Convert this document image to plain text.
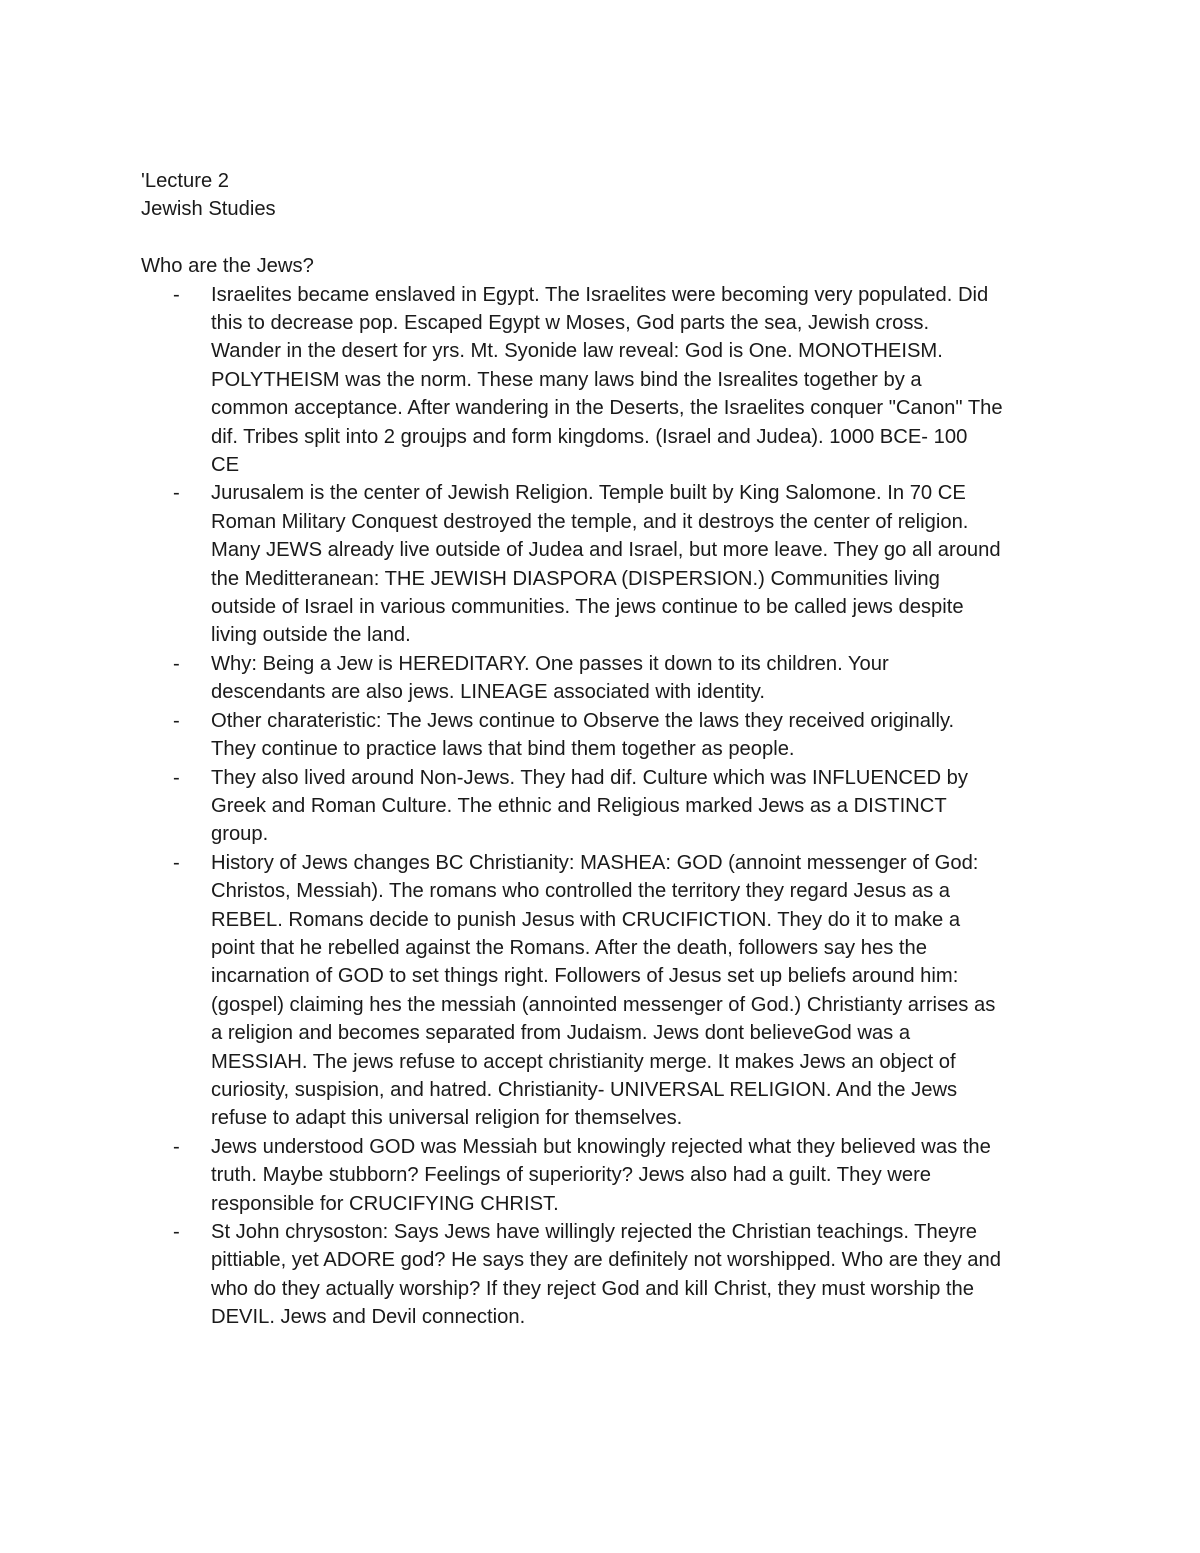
'Lecture 2

Jewish Studies

Who are the Jews?

- Israelites became enslaved in Egypt. The Israelites were becoming very populated. Did
this to decrease pop. Escaped Egypt w Moses, God parts the sea, Jewish cross.
Wander in the desert for yrs. Mt. Syonide law reveal: God is One. MONOTHEISM.
POLYTHEISM was the norm. These many laws bind the Isrealites together by a
common acceptance. After wandering in the Deserts, the Israelites conquer "Canon" The
dif. Tribes split into 2 groujps and form kingdoms. (Israel and Judea). 1000 BCE- 100
CE
- Jurusalem is the center of Jewish Religion. Temple built by King Salomone. In 70 CE
Roman Military Conquest destroyed the temple, and it destroys the center of religion.
Many JEWS already live outside of Judea and Israel, but more leave. They go all around
the Meditteranean: THE JEWISH DIASPORA (DISPERSION.) Communities living
outside of Israel in various communities. The jews continue to be called jews despite
living outside the land.
- Why: Being a Jew is HEREDITARY. One passes it down to its children. Your
descendants are also jews. LINEAGE associated with identity.
- Other charateristic: The Jews continue to Observe the laws they received originally.
They continue to practice laws that bind them together as people.
- They also lived around Non-Jews. They had dif. Culture which was INFLUENCED by
Greek and Roman Culture. The ethnic and Religious marked Jews as a DISTINCT
group.
- History of Jews changes BC Christianity: MASHEA: GOD (annoint messenger of God:
Christos, Messiah). The romans who controlled the territory they regard Jesus as a
REBEL. Romans decide to punish Jesus with CRUCIFICTION. They do it to make a
point that he rebelled against the Romans. After the death, followers say hes the
incarnation of GOD to set things right. Followers of Jesus set up beliefs around him:
(gospel) claiming hes the messiah (annointed messenger of God.) Christianty arrises as
a religion and becomes separated from Judaism. Jews dont believeGod was a
MESSIAH. The jews refuse to accept christianity merge. It makes Jews an object of
curiosity, suspision, and hatred. Christianity- UNIVERSAL RELIGION. And the Jews
refuse to adapt this universal religion for themselves.
- Jews understood GOD was Messiah but knowingly rejected what they believed was the
truth. Maybe stubborn? Feelings of superiority? Jews also had a guilt. They were
responsible for CRUCIFYING CHRIST.
- St John chrysoston: Says Jews have willingly rejected the Christian teachings. Theyre
pittiable, yet ADORE god? He says they are definitely not worshipped. Who are they and
who do they actually worship? If they reject God and kill Christ, they must worship the
DEVIL. Jews and Devil connection.
